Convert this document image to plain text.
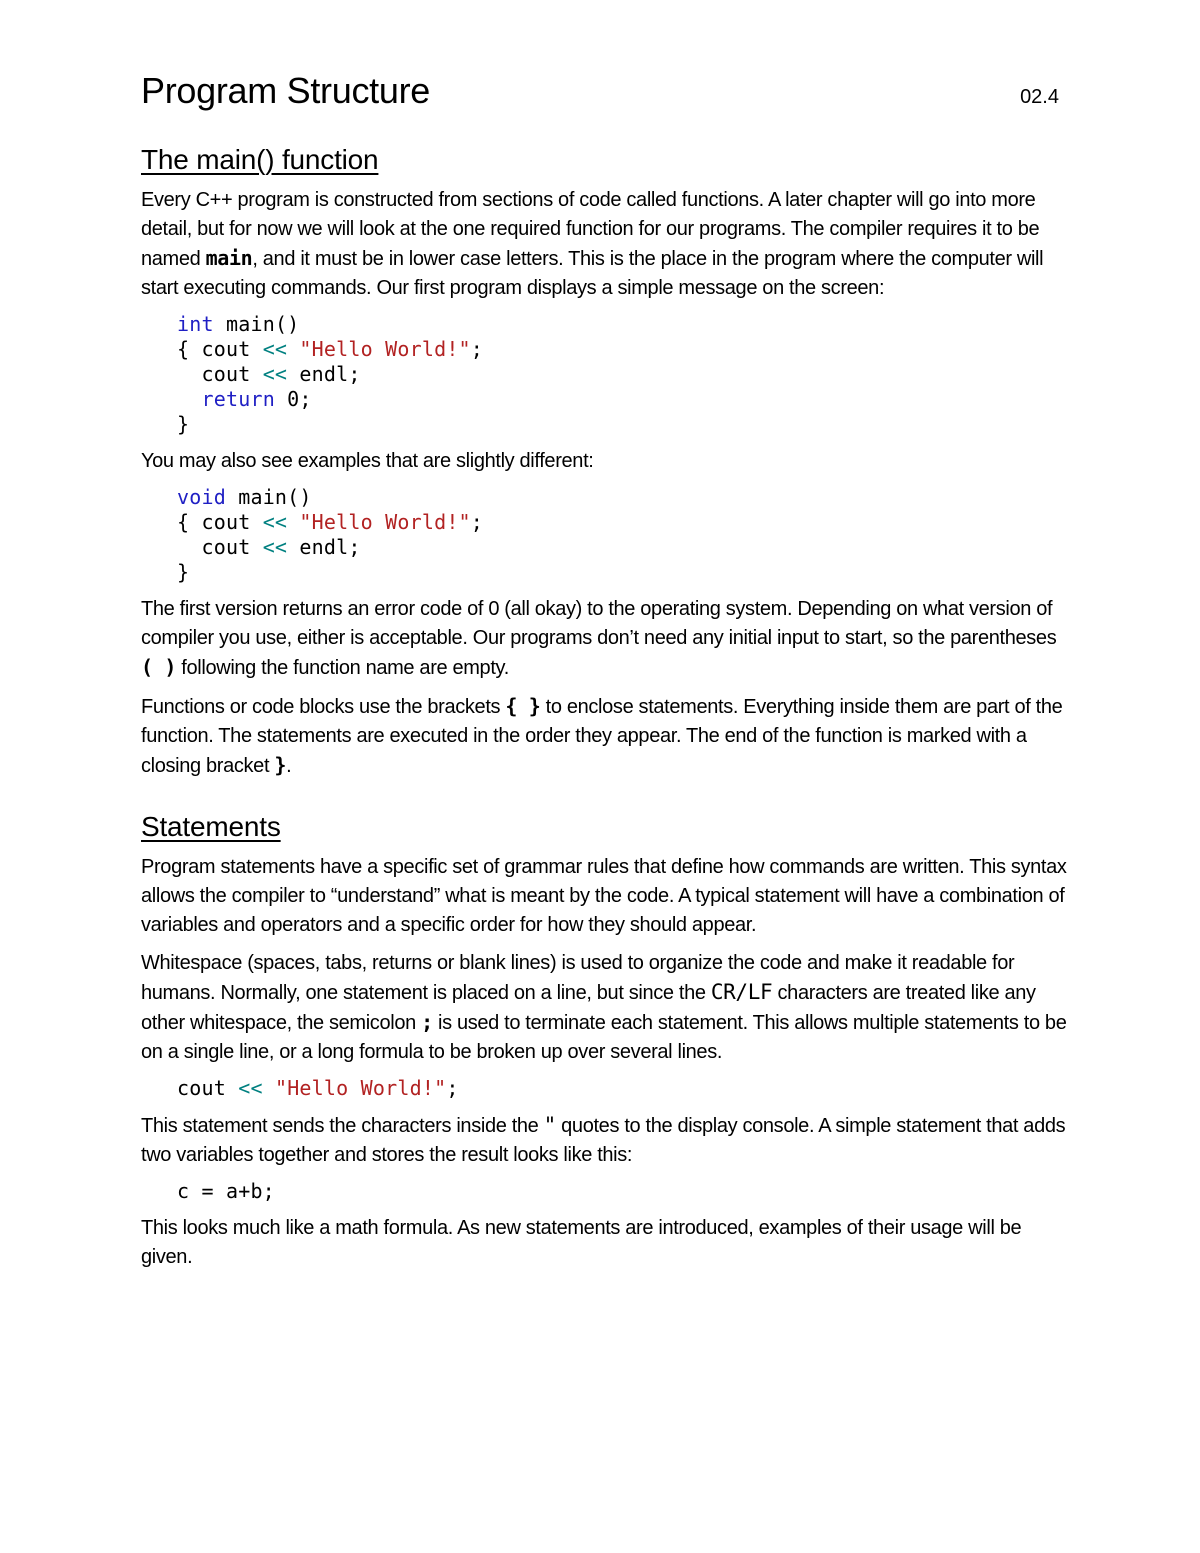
Program Structure	02.4
The main() function

Every C++ program is constructed from sections of code called functions. A later chapter will go into more detail, but for now we will look at the one required function for our programs. The compiler requires it to be named main, and it must be in lower case letters. This is the place in the program where the computer will start executing commands. Our first program displays a simple message on the screen:

int main()
{ cout << "Hello World!";
cout << endl;
return 0;
}

You may also see examples that are slightly different:

void main()
{ cout << "Hello World!";
cout << endl;
}

The first version returns an error code of 0 (all okay) to the operating system. Depending on what version of compiler you use, either is acceptable. Our programs don’t need any initial input to start, so the parentheses ( ) following the function name are empty.

Functions or code blocks use the brackets { } to enclose statements. Everything inside them are part of the function. The statements are executed in the order they appear. The end of the function is marked with a closing bracket }.

Statements

Program statements have a specific set of grammar rules that define how commands are written. This syntax allows the compiler to “understand” what is meant by the code. A typical statement will have a combination of variables and operators and a specific order for how they should appear.

Whitespace (spaces, tabs, returns or blank lines) is used to organize the code and make it readable for humans. Normally, one statement is placed on a line, but since the CR/LF characters are treated like any other whitespace, the semicolon ; is used to terminate each statement. This allows multiple statements to be on a single line, or a long formula to be broken up over several lines.

cout << "Hello World!";

This statement sends the characters inside the " quotes to the display console. A simple statement that adds two variables together and stores the result looks like this:

c = a+b;

This looks much like a math formula. As new statements are introduced, examples of their usage will be given.
